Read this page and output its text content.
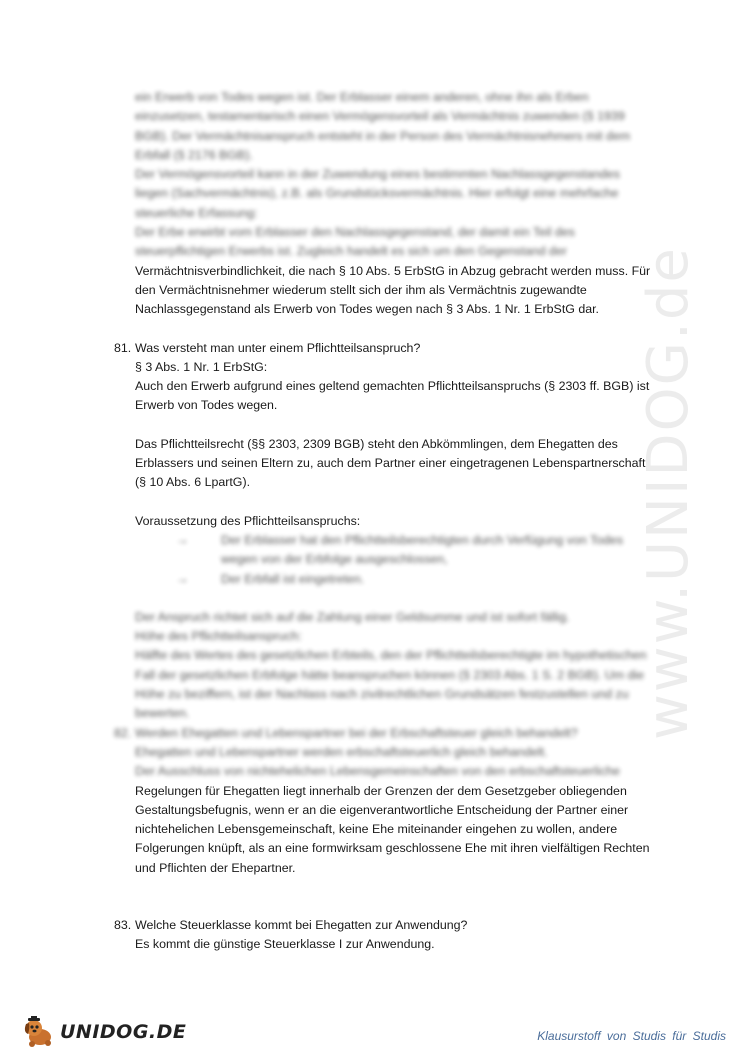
www.UNIDOG.de
ein Erwerb von Todes wegen ist. Der Erblasser einem anderen, ohne ihn als Erben
einzusetzen, testamentarisch einen Vermögensvorteil als Vermächtnis zuwenden (§ 1939
BGB). Der Vermächtnisanspruch entsteht in der Person des Vermächtnisnehmers mit dem
Erbfall (§ 2176 BGB).
Der Vermögensvorteil kann in der Zuwendung eines bestimmten Nachlassgegenstandes
liegen (Sachvermächtnis), z.B. als Grundstücksvermächtnis. Hier erfolgt eine mehrfache
steuerliche Erfassung:
Der Erbe erwirbt vom Erblasser den Nachlassgegenstand, der damit ein Teil des
steuerpflichtigen Erwerbs ist. Zugleich handelt es sich um den Gegenstand der
Vermächtnisverbindlichkeit, die nach § 10 Abs. 5 ErbStG in Abzug gebracht werden muss. Für
den Vermächtnisnehmer wiederum stellt sich der ihm als Vermächtnis zugewandte
Nachlassgegenstand als Erwerb von Todes wegen nach § 3 Abs. 1 Nr. 1 ErbStG dar.
81. Was versteht man unter einem Pflichtteilsanspruch?
§ 3 Abs. 1 Nr. 1 ErbStG:
Auch den Erwerb aufgrund eines geltend gemachten Pflichtteilsanspruchs (§ 2303 ff. BGB) ist
Erwerb von Todes wegen.
Das Pflichtteilsrecht (§§ 2303, 2309 BGB) steht den Abkömmlingen, dem Ehegatten des
Erblassers und seinen Eltern zu, auch dem Partner einer eingetragenen Lebenspartnerschaft
(§ 10 Abs. 6 LpartG).
Voraussetzung des Pflichtteilsanspruchs:
→	Der Erblasser hat den Pflichtteilsberechtigten durch Verfügung von Todes
wegen von der Erbfolge ausgeschlossen,
→	Der Erbfall ist eingetreten.
Der Anspruch richtet sich auf die Zahlung einer Geldsumme und ist sofort fällig.
Höhe des Pflichtteilsanspruch:
Hälfte des Wertes des gesetzlichen Erbteils, den der Pflichtteilsberechtigte im hypothetischen
Fall der gesetzlichen Erbfolge hätte beanspruchen können (§ 2303 Abs. 1 S. 2 BGB). Um die
Höhe zu beziffern, ist der Nachlass nach zivilrechtlichen Grundsätzen festzustellen und zu
bewerten.
82. Werden Ehegatten und Lebenspartner bei der Erbschaftsteuer gleich behandelt?
Ehegatten und Lebenspartner werden erbschaftsteuerlich gleich behandelt.
Der Ausschluss von nichtehelichen Lebensgemeinschaften von den erbschaftsteuerliche
Regelungen für Ehegatten liegt innerhalb der Grenzen der dem Gesetzgeber obliegenden
Gestaltungsbefugnis, wenn er an die eigenverantwortliche Entscheidung der Partner einer
nichtehelichen Lebensgemeinschaft, keine Ehe miteinander eingehen zu wollen, andere
Folgerungen knüpft, als an eine formwirksam geschlossene Ehe mit ihren vielfältigen Rechten
und Pflichten der Ehepartner.
83. Welche Steuerklasse kommt bei Ehegatten zur Anwendung?
Es kommt die günstige Steuerklasse I zur Anwendung.
UNIDOG.DE	Klausurstoff von Studis für Studis
